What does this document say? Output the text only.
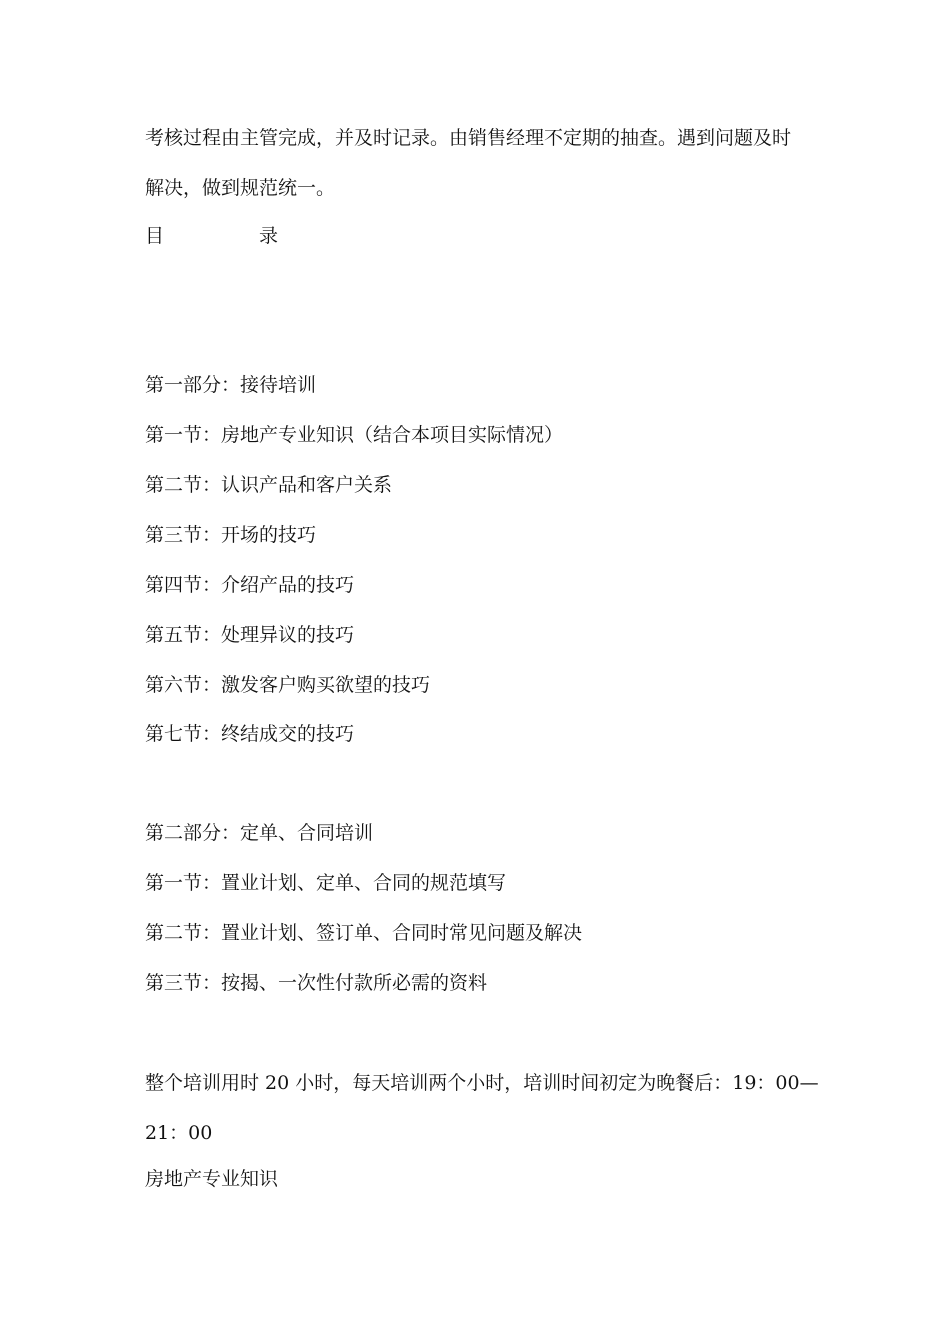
考核过程由主管完成，并及时记录。由销售经理不定期的抽查。遇到问题及时
解决，做到规范统一。
目	录
第一部分：接待培训
第一节：房地产专业知识（结合本项目实际情况）
第二节：认识产品和客户关系
第三节：开场的技巧
第四节：介绍产品的技巧
第五节：处理异议的技巧
第六节：激发客户购买欲望的技巧
第七节：终结成交的技巧
第二部分：定单、合同培训
第一节：置业计划、定单、合同的规范填写
第二节：置业计划、签订单、合同时常见问题及解决
第三节：按揭、一次性付款所必需的资料
整个培训用时 20 小时，每天培训两个小时，培训时间初定为晚餐后：19：00—
21：00
房地产专业知识
